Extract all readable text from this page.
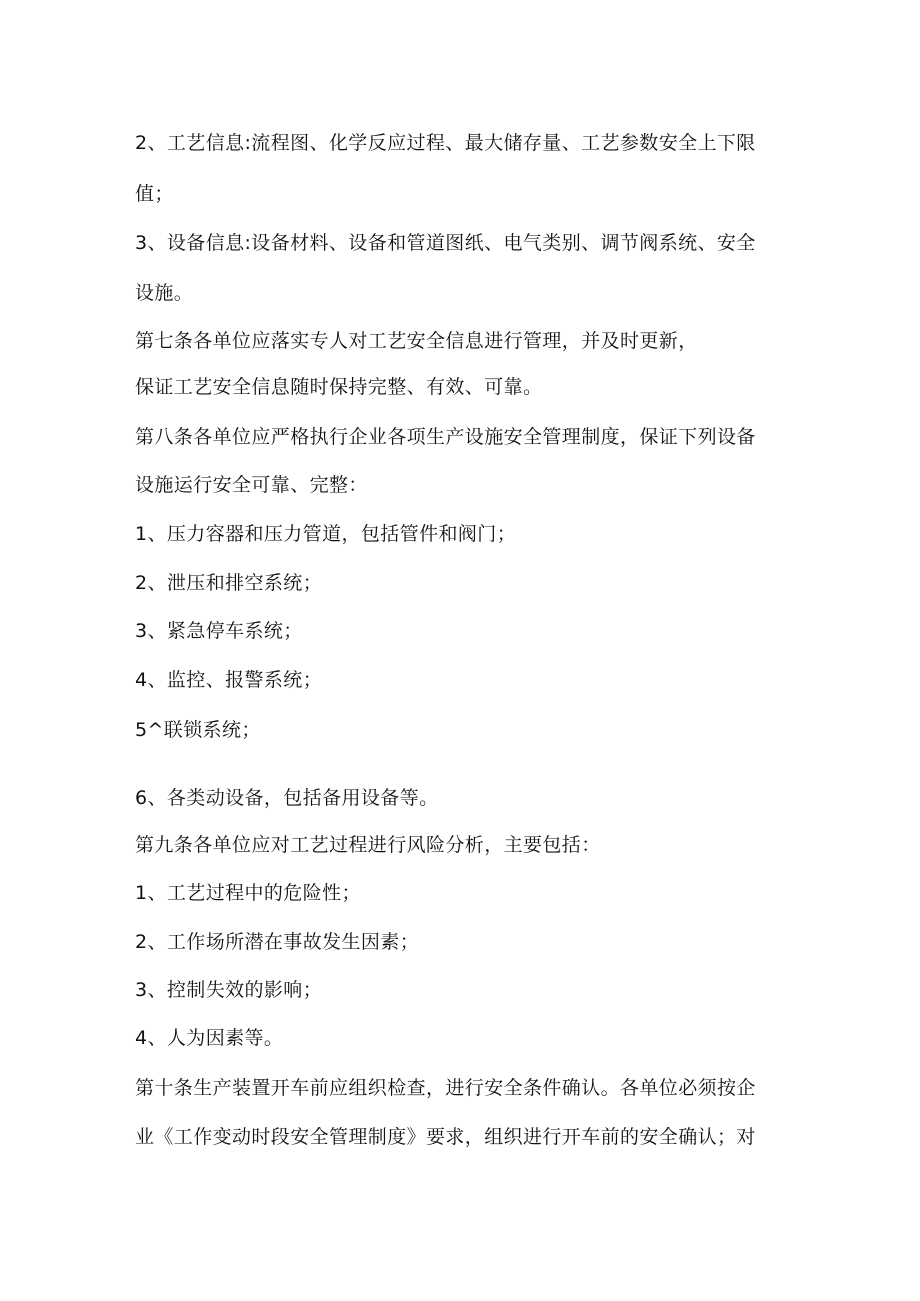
2、工艺信息:流程图、化学反应过程、最大储存量、工艺参数安全上下限
值；
3、设备信息:设备材料、设备和管道图纸、电气类别、调节阀系统、安全
设施。
第七条各单位应落实专人对工艺安全信息进行管理，并及时更新，
保证工艺安全信息随时保持完整、有效、可靠。
第八条各单位应严格执行企业各项生产设施安全管理制度，保证下列设备
设施运行安全可靠、完整：
1、压力容器和压力管道，包括管件和阀门；
2、泄压和排空系统；
3、紧急停车系统；
4、监控、报警系统；
5^联锁系统；
6、各类动设备，包括备用设备等。
第九条各单位应对工艺过程进行风险分析，主要包括：
1、工艺过程中的危险性；
2、工作场所潜在事故发生因素；
3、控制失效的影响；
4、人为因素等。
第十条生产装置开车前应组织检查，进行安全条件确认。各单位必须按企
业《工作变动时段安全管理制度》要求，组织进行开车前的安全确认；对
